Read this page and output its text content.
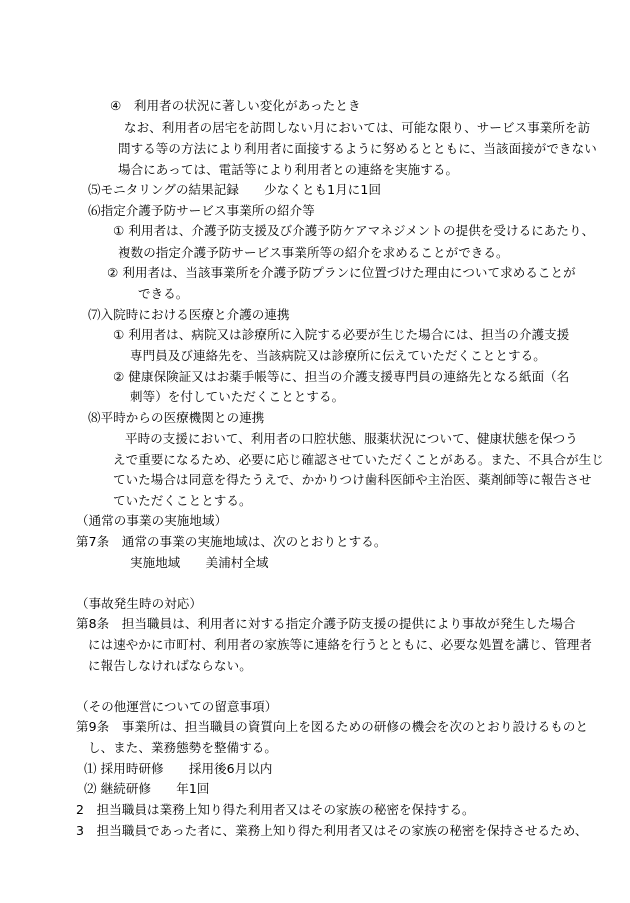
④　利用者の状況に著しい変化があったとき
なお、利用者の居宅を訪問しない月においては、可能な限り、サービス事業所を訪
問する等の方法により利用者に面接するように努めるとともに、当該面接ができない
場合にあっては、電話等により利用者との連絡を実施する。
⑸モニタリングの結果記録　　少なくとも1月に1回
⑹指定介護予防サービス事業所の紹介等
① 利用者は、介護予防支援及び介護予防ケアマネジメントの提供を受けるにあたり、
複数の指定介護予防サービス事業所等の紹介を求めることができる。
② 利用者は、当該事業所を介護予防プランに位置づけた理由について求めることが
できる。
⑺入院時における医療と介護の連携
① 利用者は、病院又は診療所に入院する必要が生じた場合には、担当の介護支援
専門員及び連絡先を、当該病院又は診療所に伝えていただくこととする。
② 健康保険証又はお薬手帳等に、担当の介護支援専門員の連絡先となる紙面（名
刺等）を付していただくこととする。
⑻平時からの医療機関との連携
平時の支援において、利用者の口腔状態、服薬状況について、健康状態を保つう
えで重要になるため、必要に応じ確認させていただくことがある。また、不具合が生じ
ていた場合は同意を得たうえで、かかりつけ歯科医師や主治医、薬剤師等に報告させ
ていただくこととする。
（通常の事業の実施地域）
第7条　通常の事業の実施地域は、次のとおりとする。
実施地域　　美浦村全域
（事故発生時の対応）
第8条　担当職員は、利用者に対する指定介護予防支援の提供により事故が発生した場合
には速やかに市町村、利用者の家族等に連絡を行うとともに、必要な処置を講じ、管理者
に報告しなければならない。
（その他運営についての留意事項）
第9条　事業所は、担当職員の資質向上を図るための研修の機会を次のとおり設けるものと
し、また、業務態勢を整備する。
⑴ 採用時研修　　採用後6月以内
⑵ 継続研修　　年1回
2　担当職員は業務上知り得た利用者又はその家族の秘密を保持する。
3　担当職員であった者に、業務上知り得た利用者又はその家族の秘密を保持させるため、
